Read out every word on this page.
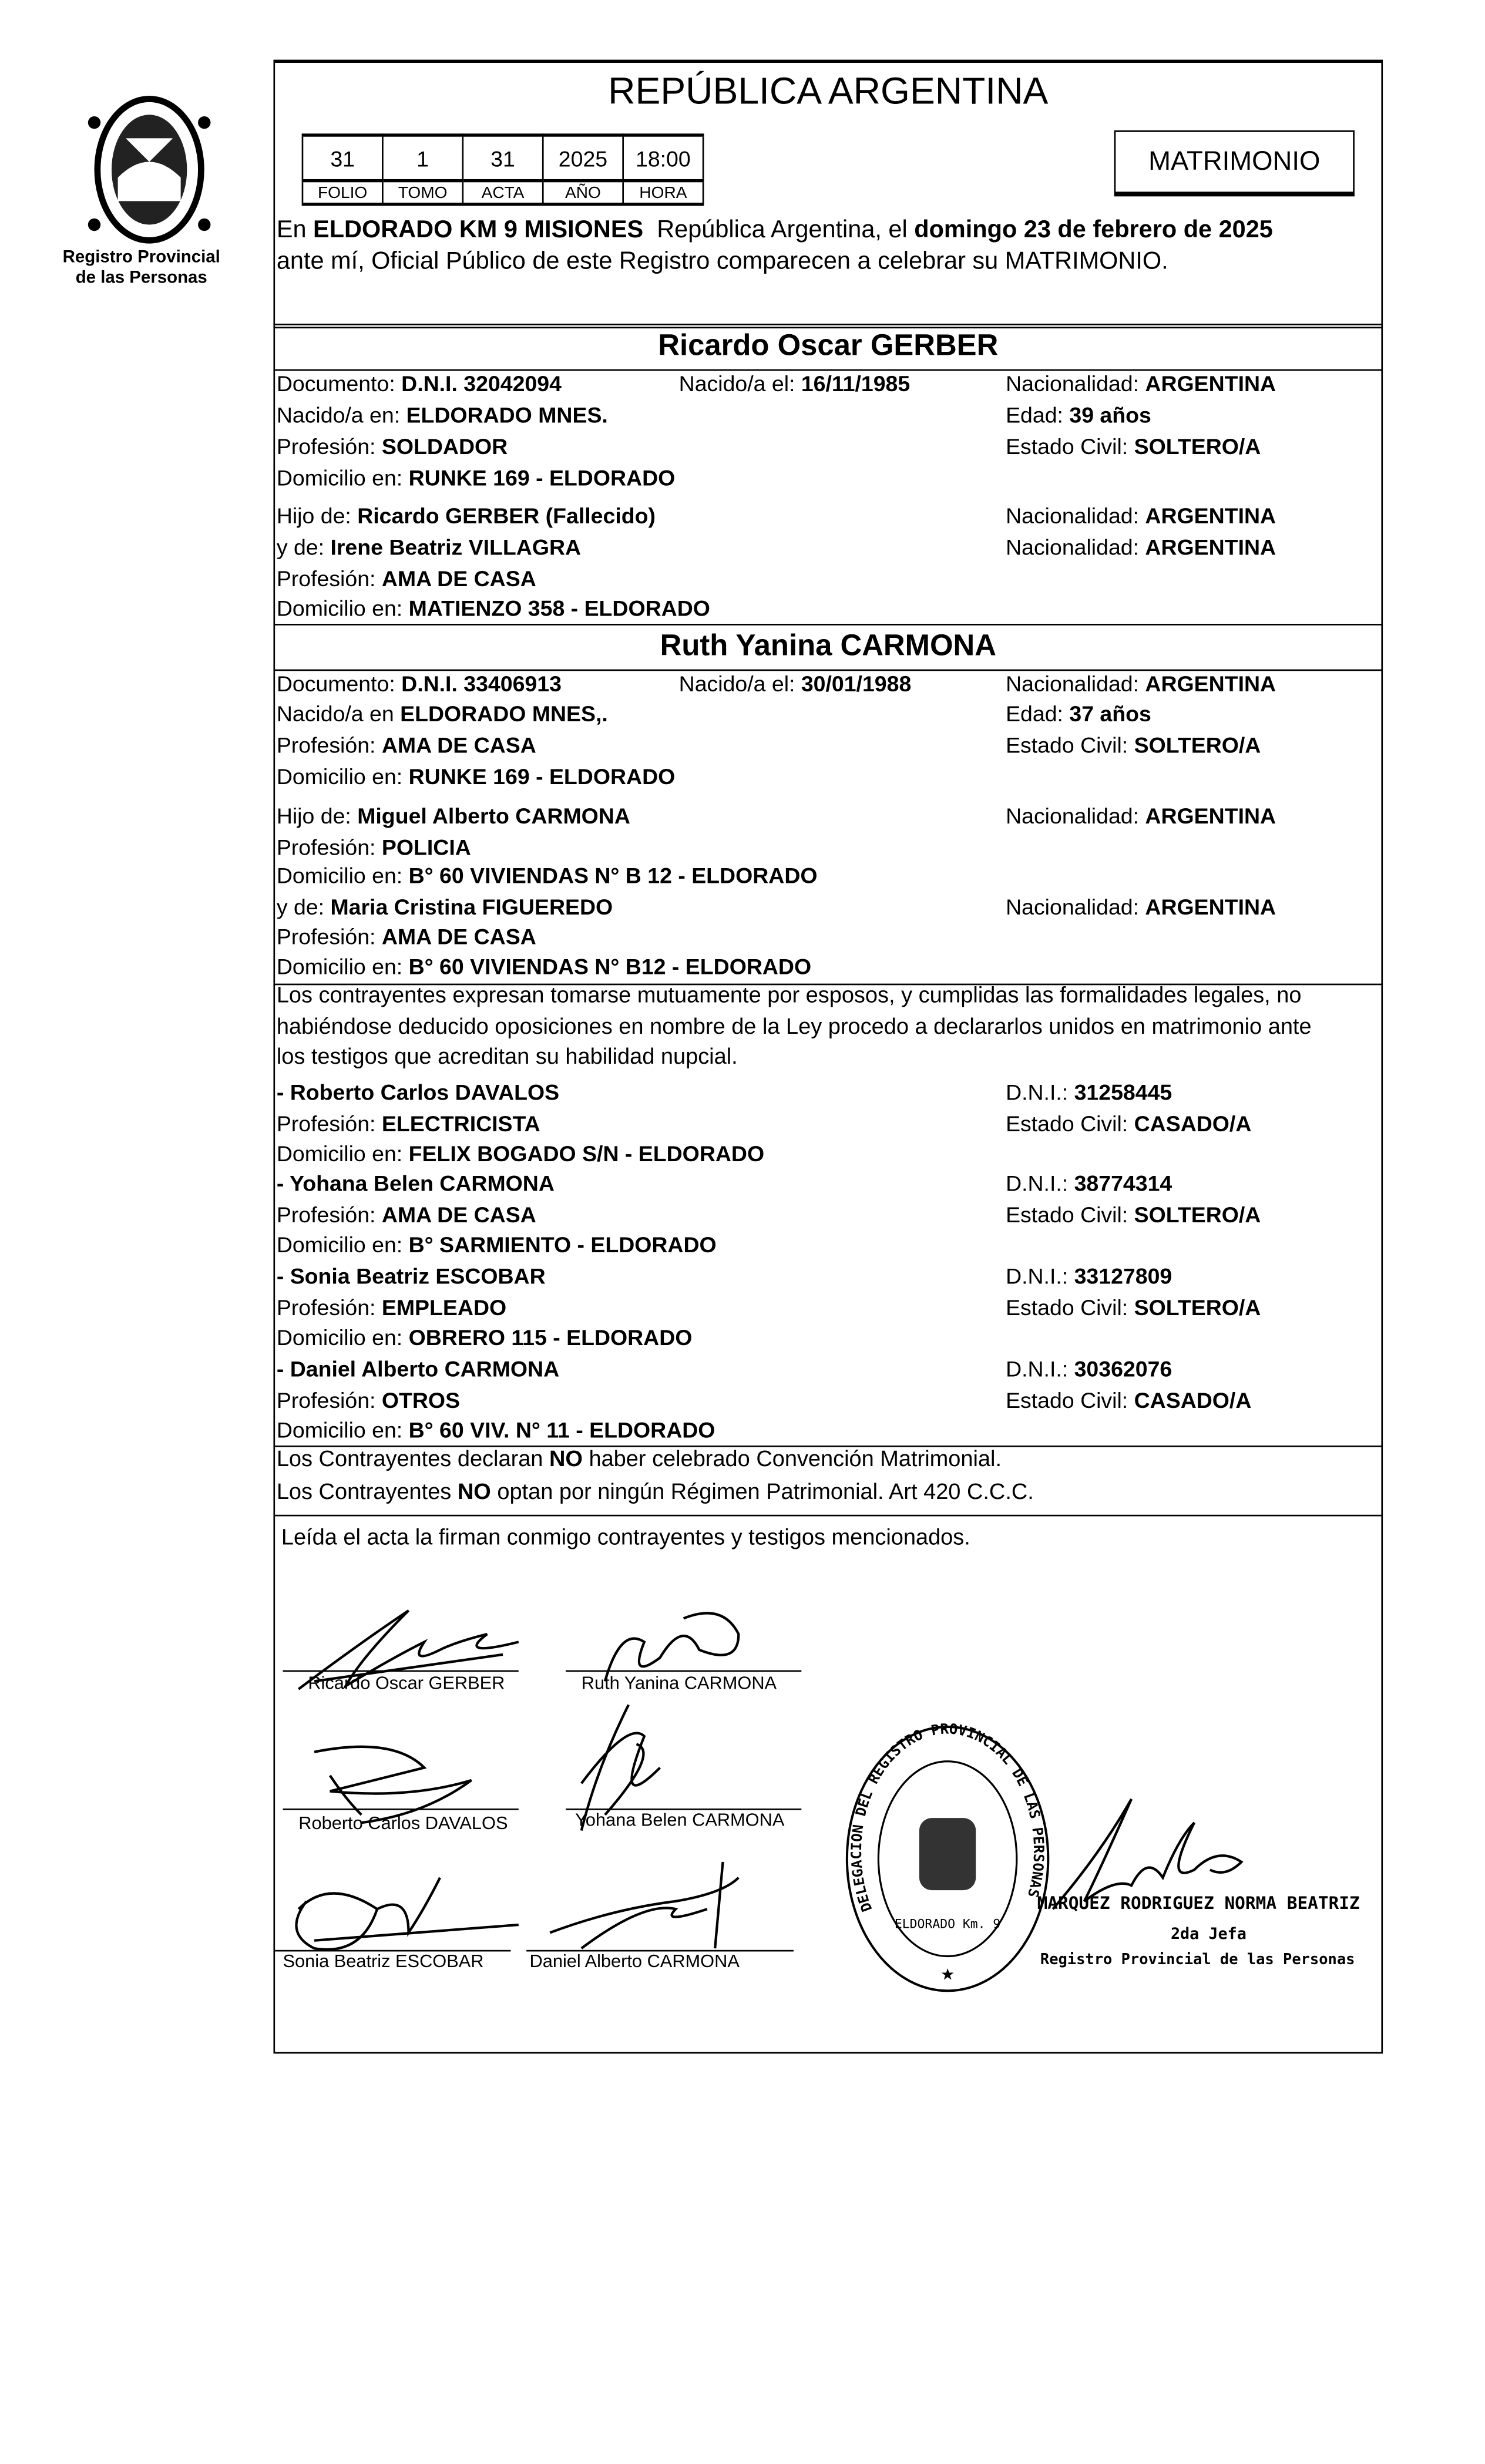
Registro Provincial
de las Personas
REPÚBLICA ARGENTINA
31	1	31	2025	18:00
FOLIO	TOMO	ACTA	AÑO	HORA
MATRIMONIO
En ELDORADO KM 9 MISIONES  República Argentina, el domingo 23 de febrero de 2025
ante mí, Oficial Público de este Registro comparecen a celebrar su MATRIMONIO.
Ricardo Oscar GERBER
Documento: D.N.I. 32042094	Nacido/a el: 16/11/1985	Nacionalidad: ARGENTINA
Nacido/a en: ELDORADO MNES.	Edad: 39 años
Profesión: SOLDADOR	Estado Civil: SOLTERO/A
Domicilio en: RUNKE 169 - ELDORADO
Hijo de: Ricardo GERBER (Fallecido)	Nacionalidad: ARGENTINA
y de: Irene Beatriz VILLAGRA	Nacionalidad: ARGENTINA
Profesión: AMA DE CASA
Domicilio en: MATIENZO 358 - ELDORADO
Ruth Yanina CARMONA
Documento: D.N.I. 33406913	Nacido/a el: 30/01/1988	Nacionalidad: ARGENTINA
Nacido/a en ELDORADO MNES,.	Edad: 37 años
Profesión: AMA DE CASA	Estado Civil: SOLTERO/A
Domicilio en: RUNKE 169 - ELDORADO
Hijo de: Miguel Alberto CARMONA	Nacionalidad: ARGENTINA
Profesión: POLICIA
Domicilio en: B° 60 VIVIENDAS N° B 12 - ELDORADO
y de: Maria Cristina FIGUEREDO	Nacionalidad: ARGENTINA
Profesión: AMA DE CASA
Domicilio en: B° 60 VIVIENDAS N° B12 - ELDORADO
Los contrayentes expresan tomarse mutuamente por esposos, y cumplidas las formalidades legales, no
habiéndose deducido oposiciones en nombre de la Ley procedo a declararlos unidos en matrimonio ante
los testigos que acreditan su habilidad nupcial.
- Roberto Carlos DAVALOS	D.N.I.: 31258445
Profesión: ELECTRICISTA	Estado Civil: CASADO/A
Domicilio en: FELIX BOGADO S/N - ELDORADO
- Yohana Belen CARMONA	D.N.I.: 38774314
Profesión: AMA DE CASA	Estado Civil: SOLTERO/A
Domicilio en: B° SARMIENTO - ELDORADO
- Sonia Beatriz ESCOBAR	D.N.I.: 33127809
Profesión: EMPLEADO	Estado Civil: SOLTERO/A
Domicilio en: OBRERO 115 - ELDORADO
- Daniel Alberto CARMONA	D.N.I.: 30362076
Profesión: OTROS	Estado Civil: CASADO/A
Domicilio en: B° 60 VIV. N° 11 - ELDORADO
Los Contrayentes declaran NO haber celebrado Convención Matrimonial.
Los Contrayentes NO optan por ningún Régimen Patrimonial. Art 420 C.C.C.
Leída el acta la firman conmigo contrayentes y testigos mencionados.
Ricardo Oscar GERBER	Ruth Yanina CARMONA
Roberto Carlos DAVALOS	Yohana Belen CARMONA
Sonia Beatriz ESCOBAR	Daniel Alberto CARMONA
DELEGACION DEL REGISTRO PROVINCIAL DE LAS PERSONAS
ELDORADO Km. 9
★
MARQUEZ RODRIGUEZ NORMA BEATRIZ
2da Jefa
Registro Provincial de las Personas
